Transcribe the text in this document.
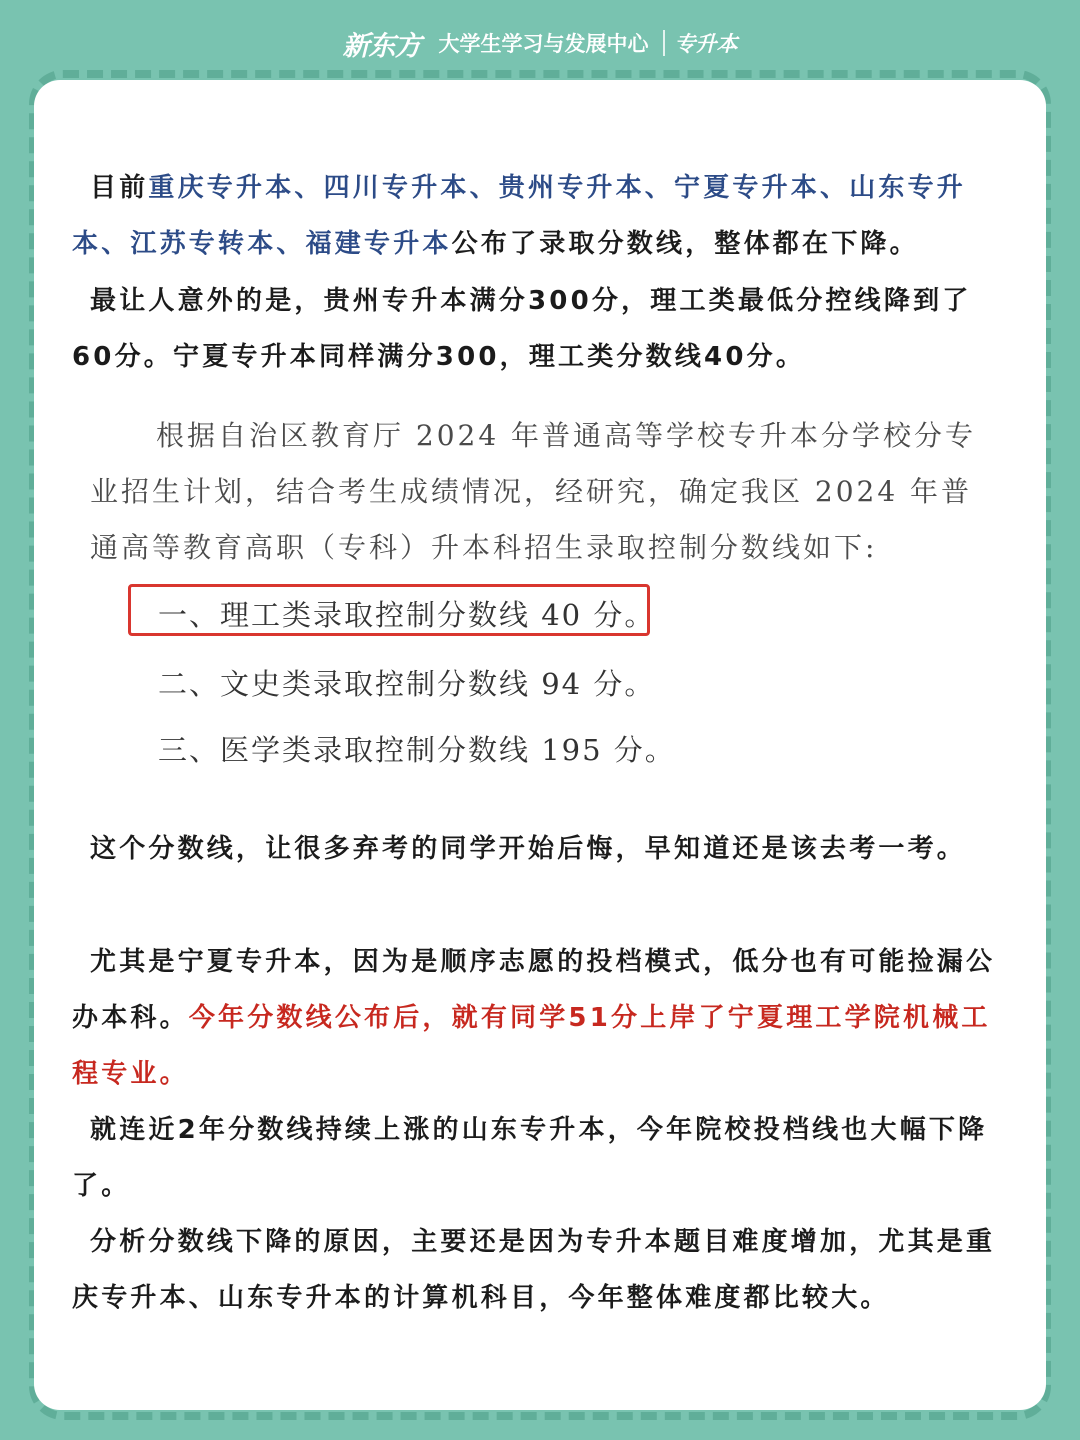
新东方 大学生学习与发展中心 专升本
目前重庆专升本、四川专升本、贵州专升本、宁夏专升本、山东专升本、江苏专转本、福建专升本公布了录取分数线，整体都在下降。
最让人意外的是，贵州专升本满分300分，理工类最低分控线降到了60分。宁夏专升本同样满分300，理工类分数线40分。
根据自治区教育厅 2024 年普通高等学校专升本分学校分专业招生计划，结合考生成绩情况，经研究，确定我区 2024 年普通高等教育高职（专科）升本科招生录取控制分数线如下:
一、理工类录取控制分数线 40 分。
二、文史类录取控制分数线 94 分。
三、医学类录取控制分数线 195 分。
这个分数线，让很多弃考的同学开始后悔，早知道还是该去考一考。
尤其是宁夏专升本，因为是顺序志愿的投档模式，低分也有可能捡漏公办本科。今年分数线公布后，就有同学51分上岸了宁夏理工学院机械工程专业。
就连近2年分数线持续上涨的山东专升本，今年院校投档线也大幅下降了。
分析分数线下降的原因，主要还是因为专升本题目难度增加，尤其是重庆专升本、山东专升本的计算机科目，今年整体难度都比较大。
